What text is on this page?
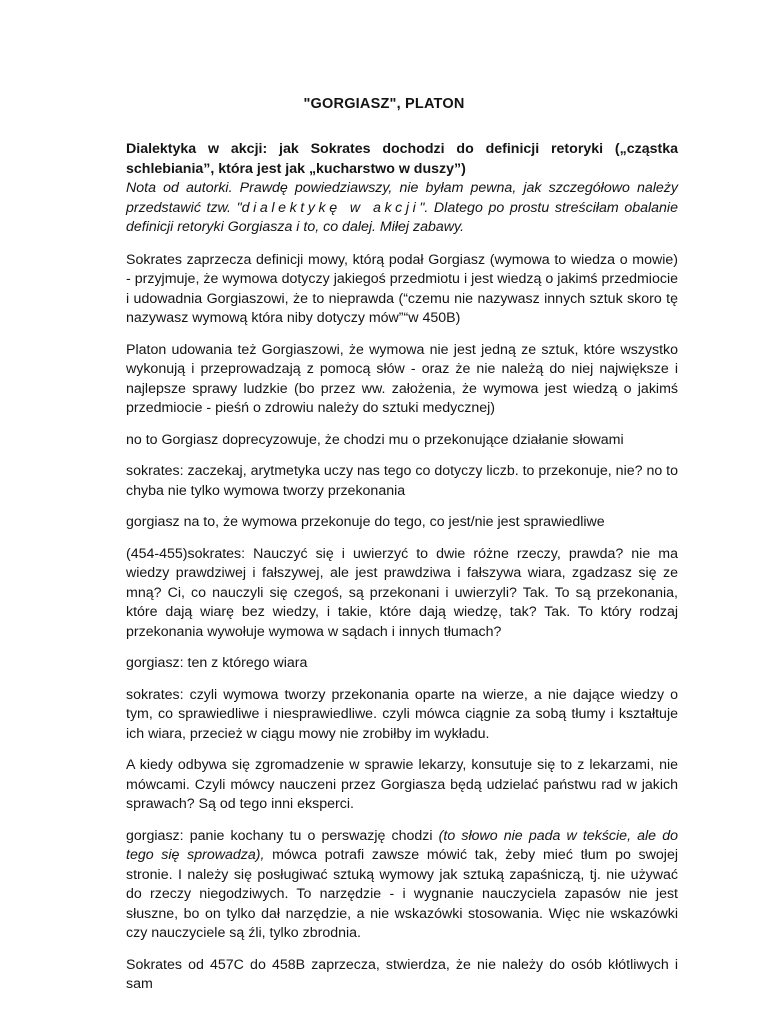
"GORGIASZ", PLATON

Dialektyka w akcji: jak Sokrates dochodzi do definicji retoryki („cząstka schlebiania”, która jest jak „kucharstwo w duszy”)

Nota od autorki. Prawdę powiedziawszy, nie byłam pewna, jak szczegółowo należy przedstawić tzw. "dialektykę w akcji". Dlatego po prostu streściłam obalanie definicji retoryki Gorgiasza i to, co dalej. Miłej zabawy.

Sokrates zaprzecza definicji mowy, którą podał Gorgiasz (wymowa to wiedza o mowie) - przyjmuje, że wymowa dotyczy jakiegoś przedmiotu i jest wiedzą o jakimś przedmiocie i udowadnia Gorgiaszowi, że to nieprawda (“czemu nie nazywasz innych sztuk skoro tę nazywasz wymową która niby dotyczy mów”“w 450B)

Platon udowania też Gorgiaszowi, że wymowa nie jest jedną ze sztuk, które wszystko wykonują i przeprowadzają z pomocą słów - oraz że nie należą do niej największe i najlepsze sprawy ludzkie (bo przez ww. założenia, że wymowa jest wiedzą o jakimś przedmiocie - pieśń o zdrowiu należy do sztuki medycznej)

no to Gorgiasz doprecyzowuje, że chodzi mu o przekonujące działanie słowami

sokrates: zaczekaj, arytmetyka uczy nas tego co dotyczy liczb. to przekonuje, nie? no to chyba nie tylko wymowa tworzy przekonania

gorgiasz na to, że wymowa przekonuje do tego, co jest/nie jest sprawiedliwe

(454-455)sokrates: Nauczyć się i uwierzyć to dwie różne rzeczy, prawda? nie ma wiedzy prawdziwej i fałszywej, ale jest prawdziwa i fałszywa wiara, zgadzasz się ze mną? Ci, co nauczyli się czegoś, są przekonani i uwierzyli? Tak. To są przekonania, które dają wiarę bez wiedzy, i takie, które dają wiedzę, tak? Tak. To który rodzaj przekonania wywołuje wymowa w sądach i innych tłumach?

gorgiasz: ten z którego wiara

sokrates: czyli wymowa tworzy przekonania oparte na wierze, a nie dające wiedzy o tym, co sprawiedliwe i niesprawiedliwe. czyli mówca ciągnie za sobą tłumy i kształtuje ich wiara, przecież w ciągu mowy nie zrobiłby im wykładu.

A kiedy odbywa się zgromadzenie w sprawie lekarzy, konsutuje się to z lekarzami, nie mówcami. Czyli mówcy nauczeni przez Gorgiasza będą udzielać państwu rad w jakich sprawach? Są od tego inni eksperci.

gorgiasz: panie kochany tu o perswazję chodzi (to słowo nie pada w tekście, ale do tego się sprowadza), mówca potrafi zawsze mówić tak, żeby mieć tłum po swojej stronie. I należy się posługiwać sztuką wymowy jak sztuką zapaśniczą, tj. nie używać do rzeczy niegodziwych. To narzędzie - i wygnanie nauczyciela zapasów nie jest słuszne, bo on tylko dał narzędzie, a nie wskazówki stosowania. Więc nie wskazówki czy nauczyciele są źli, tylko zbrodnia.

Sokrates od 457C do 458B zaprzecza, stwierdza, że nie należy do osób kłótliwych i sam
